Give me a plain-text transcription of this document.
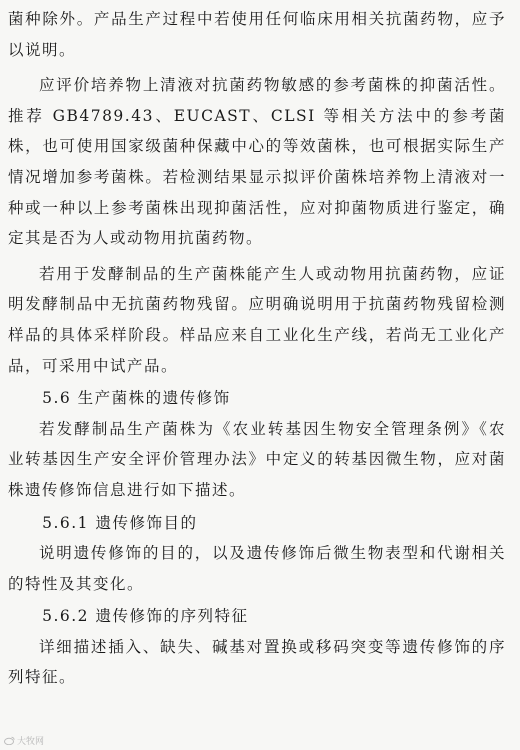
菌种除外。产品生产过程中若使用任何临床用相关抗菌药物，应予以说明。

应评价培养物上清液对抗菌药物敏感的参考菌株的抑菌活性。推荐 GB4789.43、EUCAST、CLSI 等相关方法中的参考菌株，也可使用国家级菌种保藏中心的等效菌株，也可根据实际生产情况增加参考菌株。若检测结果显示拟评价菌株培养物上清液对一种或一种以上参考菌株出现抑菌活性，应对抑菌物质进行鉴定，确定其是否为人或动物用抗菌药物。

若用于发酵制品的生产菌株能产生人或动物用抗菌药物，应证明发酵制品中无抗菌药物残留。应明确说明用于抗菌药物残留检测样品的具体采样阶段。样品应来自工业化生产线，若尚无工业化产品，可采用中试产品。

5.6 生产菌株的遗传修饰

若发酵制品生产菌株为《农业转基因生物安全管理条例》《农业转基因生产安全评价管理办法》中定义的转基因微生物，应对菌株遗传修饰信息进行如下描述。

5.6.1 遗传修饰目的

说明遗传修饰的目的，以及遗传修饰后微生物表型和代谢相关的特性及其变化。

5.6.2 遗传修饰的序列特征

详细描述插入、缺失、碱基对置换或移码突变等遗传修饰的序列特征。

大牧网
